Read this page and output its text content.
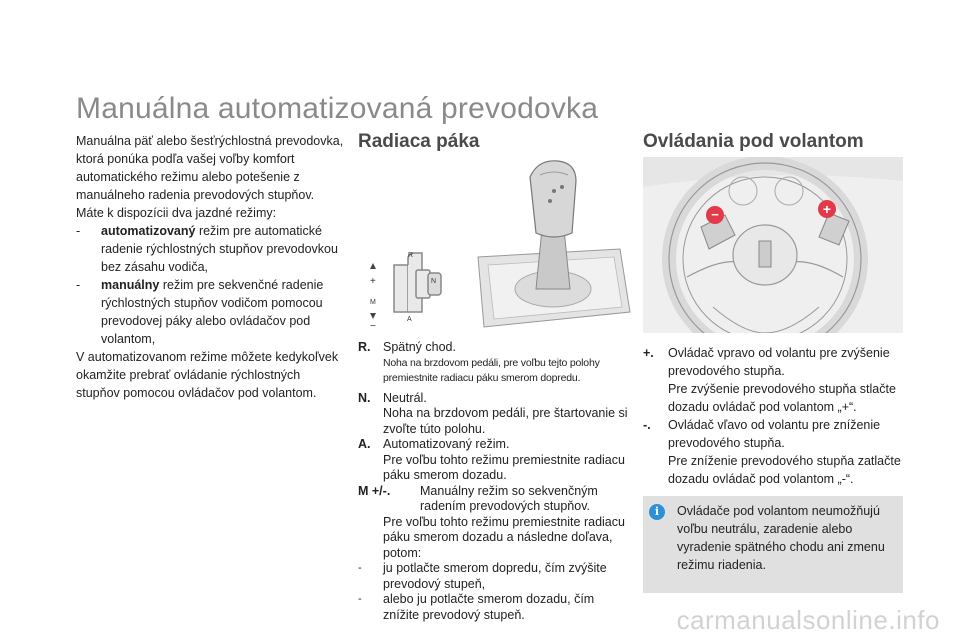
Manuálna automatizovaná prevodovka

Manuálna päť alebo šesťrýchlostná prevodovka, ktorá ponúka podľa vašej voľby komfort automatického režimu alebo potešenie z manuálneho radenia prevodových stupňov.

Máte k dispozícii dva jazdné režimy:

- automatizovaný režim pre automatické radenie rýchlostných stupňov prevodovkou bez zásahu vodiča,
- manuálny režim pre sekvenčné radenie rýchlostných stupňov vodičom pomocou prevodovej páky alebo ovládačov pod volantom,

V automatizovanom režime môžete kedykoľvek okamžite prebrať ovládanie rýchlostných stupňov pomocou ovládačov pod volantom.

Radiaca páka
R
N
A
M
+
−
R. Spätný chod.
Noha na brzdovom pedáli, pre voľbu tejto polohy premiestnite radiacu páku smerom dopredu.
N. Neutrál.
Noha na brzdovom pedáli, pre štartovanie si zvoľte túto polohu.
A. Automatizovaný režim.
Pre voľbu tohto režimu premiestnite radiacu páku smerom dozadu.
M +/-. Manuálny režim so sekvenčným radením prevodových stupňov.
Pre voľbu tohto režimu premiestnite radiacu páku smerom dozadu a následne doľava, potom:
- ju potlačte smerom dopredu, čím zvýšite prevodový stupeň,
- alebo ju potlačte smerom dozadu, čím znížite prevodový stupeň.
Ovládania pod volantom
−	+
+. Ovládač vpravo od volantu pre zvýšenie prevodového stupňa.
Pre zvýšenie prevodového stupňa stlačte dozadu ovládač pod volantom „+“.
-. Ovládač vľavo od volantu pre zníženie prevodového stupňa.
Pre zníženie prevodového stupňa zatlačte dozadu ovládač pod volantom „-“.
i	Ovládače pod volantom neumožňujú voľbu neutrálu, zaradenie alebo vyradenie spätného chodu ani zmenu režimu riadenia.
carmanualsonline.info
